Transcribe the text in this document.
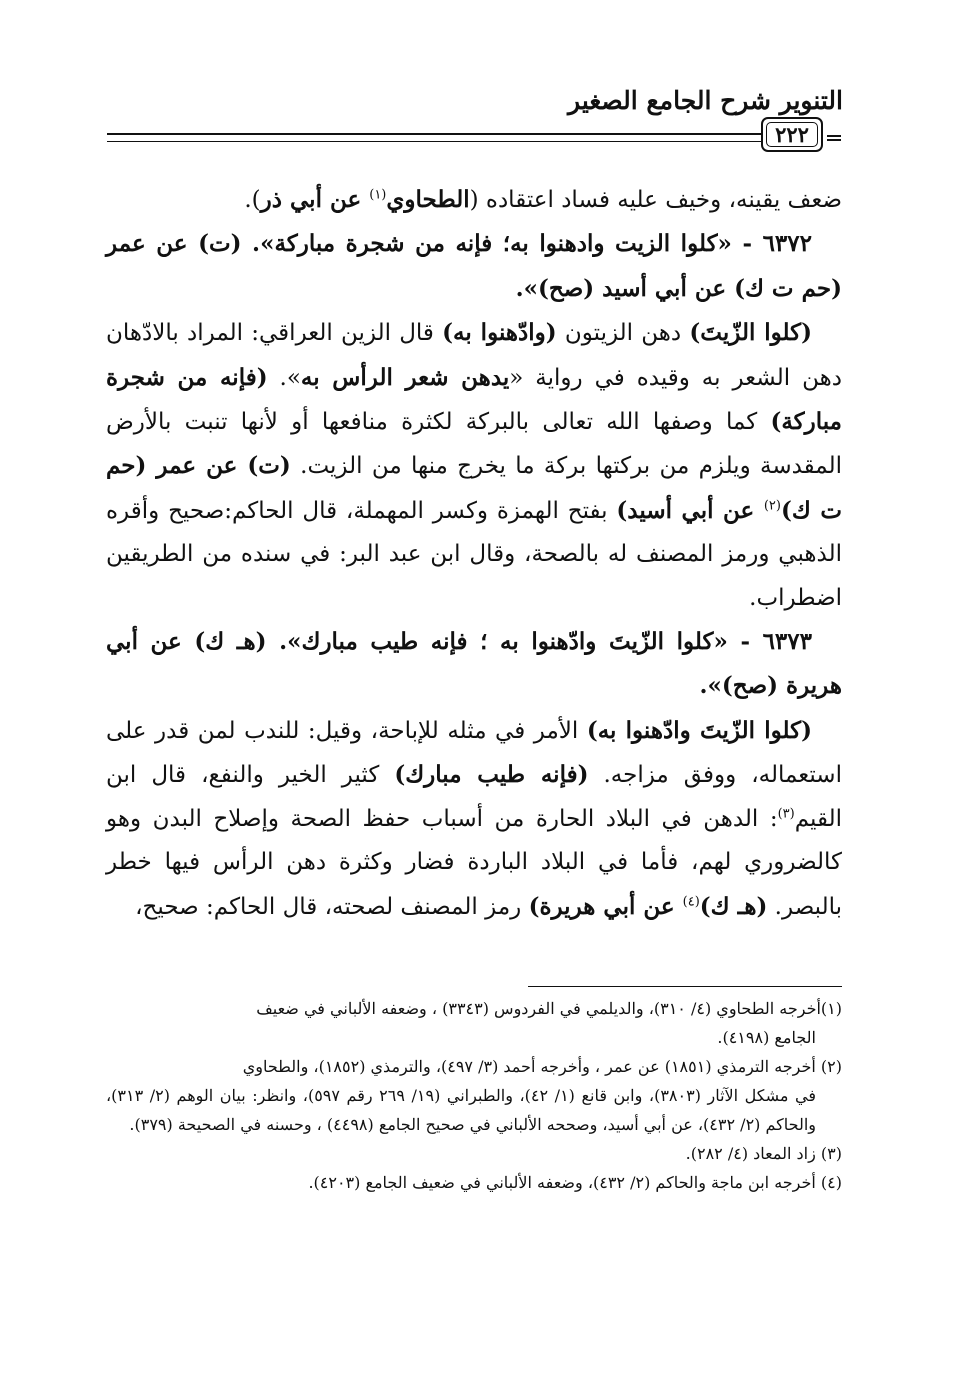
التنوير شرح الجامع الصغير
٢٢٢

ضعف يقينه، وخيف عليه فساد اعتقاده (الطحاوي$^{(١)}$ عن أبي ذر).

٦٣٧٢ - «كلوا الزيت وادهنوا به؛ فإنه من شجرة مباركة». (ت) عن عمر (حم ت ك) عن أبي أسيد (صح)».

(كلوا الزّيتَ) دهن الزيتون (وادّهنوا به) قال الزين العراقي: المراد بالادّهان دهن الشعر به وقيده في رواية «يدهن شعر الرأس به». (فإنه من شجرة مباركة) كما وصفها الله تعالى بالبركة لكثرة منافعها أو لأنها تنبت بالأرض المقدسة ويلزم من بركتها بركة ما يخرج منها من الزيت. (ت) عن عمر (حم ت ك)$^{(٢)}$ عن أبي أسيد) بفتح الهمزة وكسر المهملة، قال الحاكم:صحيح وأقره الذهبي ورمز المصنف له بالصحة، وقال ابن عبد البر: في سنده من الطريقين اضطراب.

٦٣٧٣ - «كلوا الزّيتَ وادّهنوا به ؛ فإنه طيب مبارك». (هـ ك) عن أبي هريرة (صح)».

(كلوا الزّيتَ وادّهنوا به) الأمر في مثله للإباحة، وقيل: للندب لمن قدر على استعماله، ووفق مزاجه. (فإنه طيب مبارك) كثير الخير والنفع، قال ابن القيم$^{(٣)}$: الدهن في البلاد الحارة من أسباب حفظ الصحة وإصلاح البدن وهو كالضروري لهم، فأما في البلاد الباردة فضار وكثرة دهن الرأس فيها خطر بالبصر. (هـ ك)$^{(٤)}$ عن أبي هريرة) رمز المصنف لصحته، قال الحاكم: صحيح،

(١)أخرجه الطحاوي (٤/ ٣١٠)، والديلمي في الفردوس (٣٣٤٣) ، وضعفه الألباني في ضعيف

الجامع (٤١٩٨).

(٢) أخرجه الترمذي (١٨٥١) عن عمر ، وأخرجه أحمد (٣/ ٤٩٧)، والترمذي (١٨٥٢)، والطحاوي

في مشكل الآثار (٣٨٠٣)، وابن قانع (١/ ٤٢)، والطبراني (١٩/ ٢٦٩ رقم ٥٩٧)، وانظر: بيان الوهم (٢/ ٣١٣)، والحاكم (٢/ ٤٣٢)، عن أبي أسيد، وصححه الألباني في صحيح الجامع (٤٤٩٨) ، وحسنه في الصحيحة (٣٧٩).

(٣) زاد المعاد (٤/ ٢٨٢).

(٤) أخرجه ابن ماجة والحاكم (٢/ ٤٣٢)، وضعفه الألباني في ضعيف الجامع (٤٢٠٣).
